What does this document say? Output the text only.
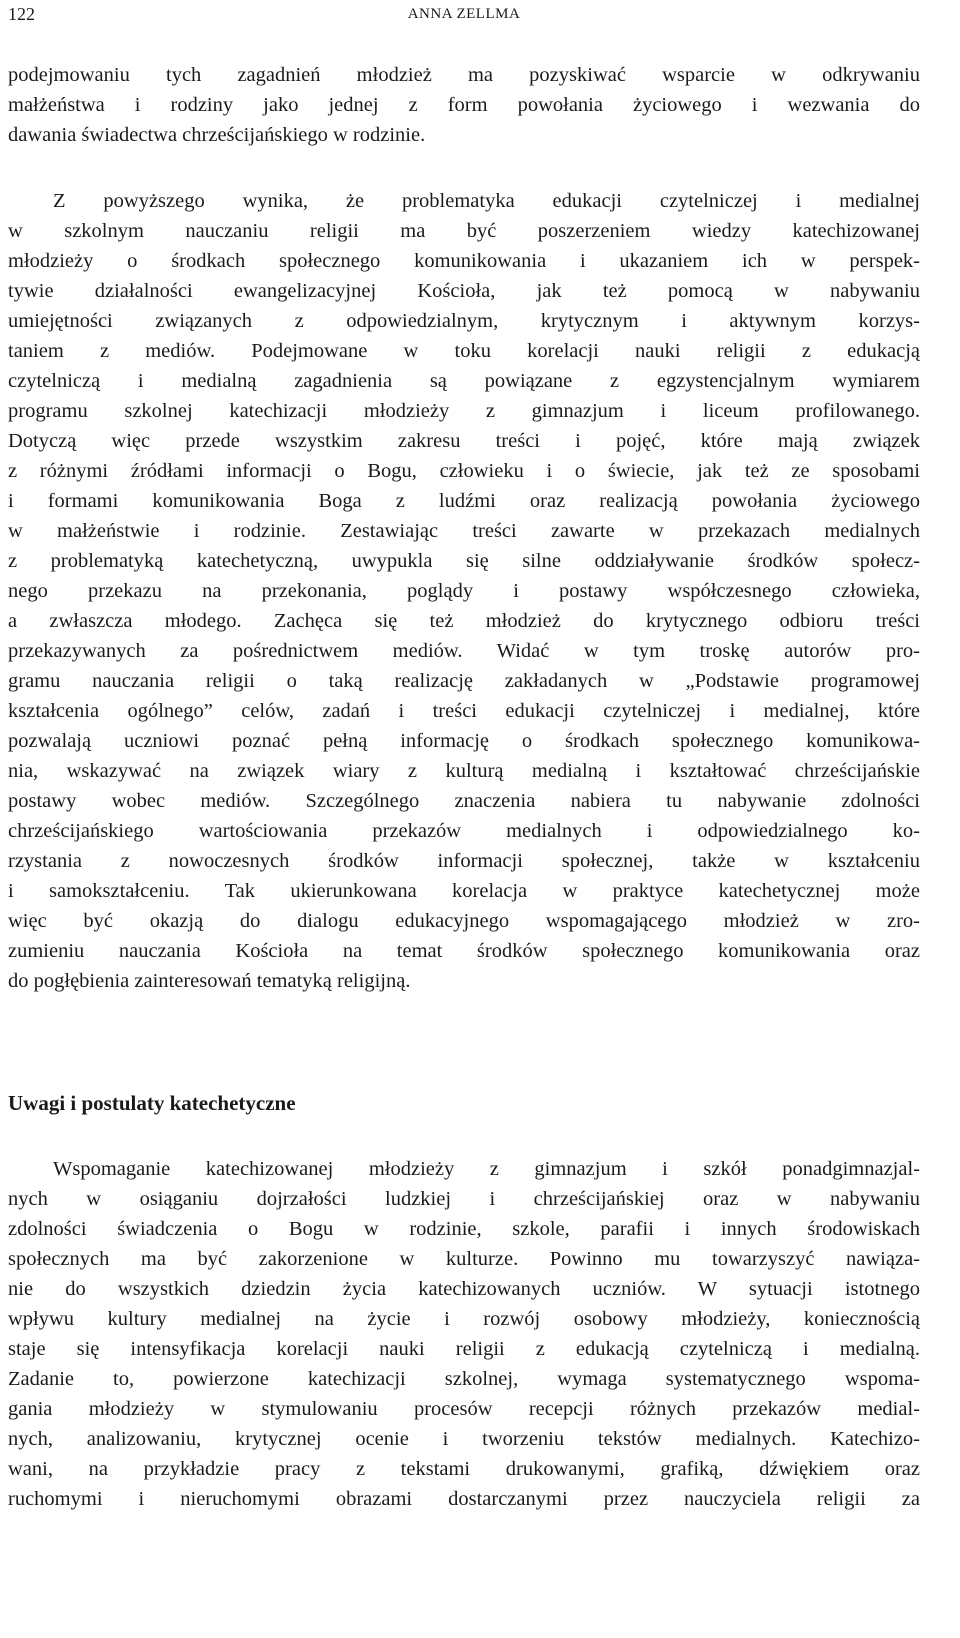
122	ANNA ZELLMA

podejmowaniu tych zagadnień młodzież ma pozyskiwać wsparcie w odkrywaniu
małżeństwa i rodziny jako jednej z form powołania życiowego i wezwania do
dawania świadectwa chrześcijańskiego w rodzinie.

Z powyższego wynika, że problematyka edukacji czytelniczej i medialnej
w szkolnym nauczaniu religii ma być poszerzeniem wiedzy katechizowanej
młodzieży o środkach społecznego komunikowania i ukazaniem ich w perspek-
tywie działalności ewangelizacyjnej Kościoła, jak też pomocą w nabywaniu
umiejętności związanych z odpowiedzialnym, krytycznym i aktywnym korzys-
taniem z mediów. Podejmowane w toku korelacji nauki religii z edukacją
czytelniczą i medialną zagadnienia są powiązane z egzystencjalnym wymiarem
programu szkolnej katechizacji młodzieży z gimnazjum i liceum profilowanego.
Dotyczą więc przede wszystkim zakresu treści i pojęć, które mają związek
z różnymi źródłami informacji o Bogu, człowieku i o świecie, jak też ze sposobami
i formami komunikowania Boga z ludźmi oraz realizacją powołania życiowego
w małżeństwie i rodzinie. Zestawiając treści zawarte w przekazach medialnych
z problematyką katechetyczną, uwypukla się silne oddziaływanie środków społecz-
nego przekazu na przekonania, poglądy i postawy współczesnego człowieka,
a zwłaszcza młodego. Zachęca się też młodzież do krytycznego odbioru treści
przekazywanych za pośrednictwem mediów. Widać w tym troskę autorów pro-
gramu nauczania religii o taką realizację zakładanych w „Podstawie programowej
kształcenia ogólnego” celów, zadań i treści edukacji czytelniczej i medialnej, które
pozwalają uczniowi poznać pełną informację o środkach społecznego komunikowa-
nia, wskazywać na związek wiary z kulturą medialną i kształtować chrześcijańskie
postawy wobec mediów. Szczególnego znaczenia nabiera tu nabywanie zdolności
chrześcijańskiego wartościowania przekazów medialnych i odpowiedzialnego ko-
rzystania z nowoczesnych środków informacji społecznej, także w kształceniu
i samokształceniu. Tak ukierunkowana korelacja w praktyce katechetycznej może
więc być okazją do dialogu edukacyjnego wspomagającego młodzież w zro-
zumieniu nauczania Kościoła na temat środków społecznego komunikowania oraz
do pogłębienia zainteresowań tematyką religijną.

Uwagi i postulaty katechetyczne

Wspomaganie katechizowanej młodzieży z gimnazjum i szkół ponadgimnazjal-
nych w osiąganiu dojrzałości ludzkiej i chrześcijańskiej oraz w nabywaniu
zdolności świadczenia o Bogu w rodzinie, szkole, parafii i innych środowiskach
społecznych ma być zakorzenione w kulturze. Powinno mu towarzyszyć nawiąza-
nie do wszystkich dziedzin życia katechizowanych uczniów. W sytuacji istotnego
wpływu kultury medialnej na życie i rozwój osobowy młodzieży, koniecznością
staje się intensyfikacja korelacji nauki religii z edukacją czytelniczą i medialną.
Zadanie to, powierzone katechizacji szkolnej, wymaga systematycznego wspoma-
gania młodzieży w stymulowaniu procesów recepcji różnych przekazów medial-
nych, analizowaniu, krytycznej ocenie i tworzeniu tekstów medialnych. Katechizo-
wani, na przykładzie pracy z tekstami drukowanymi, grafiką, dźwiękiem oraz
ruchomymi i nieruchomymi obrazami dostarczanymi przez nauczyciela religii za
